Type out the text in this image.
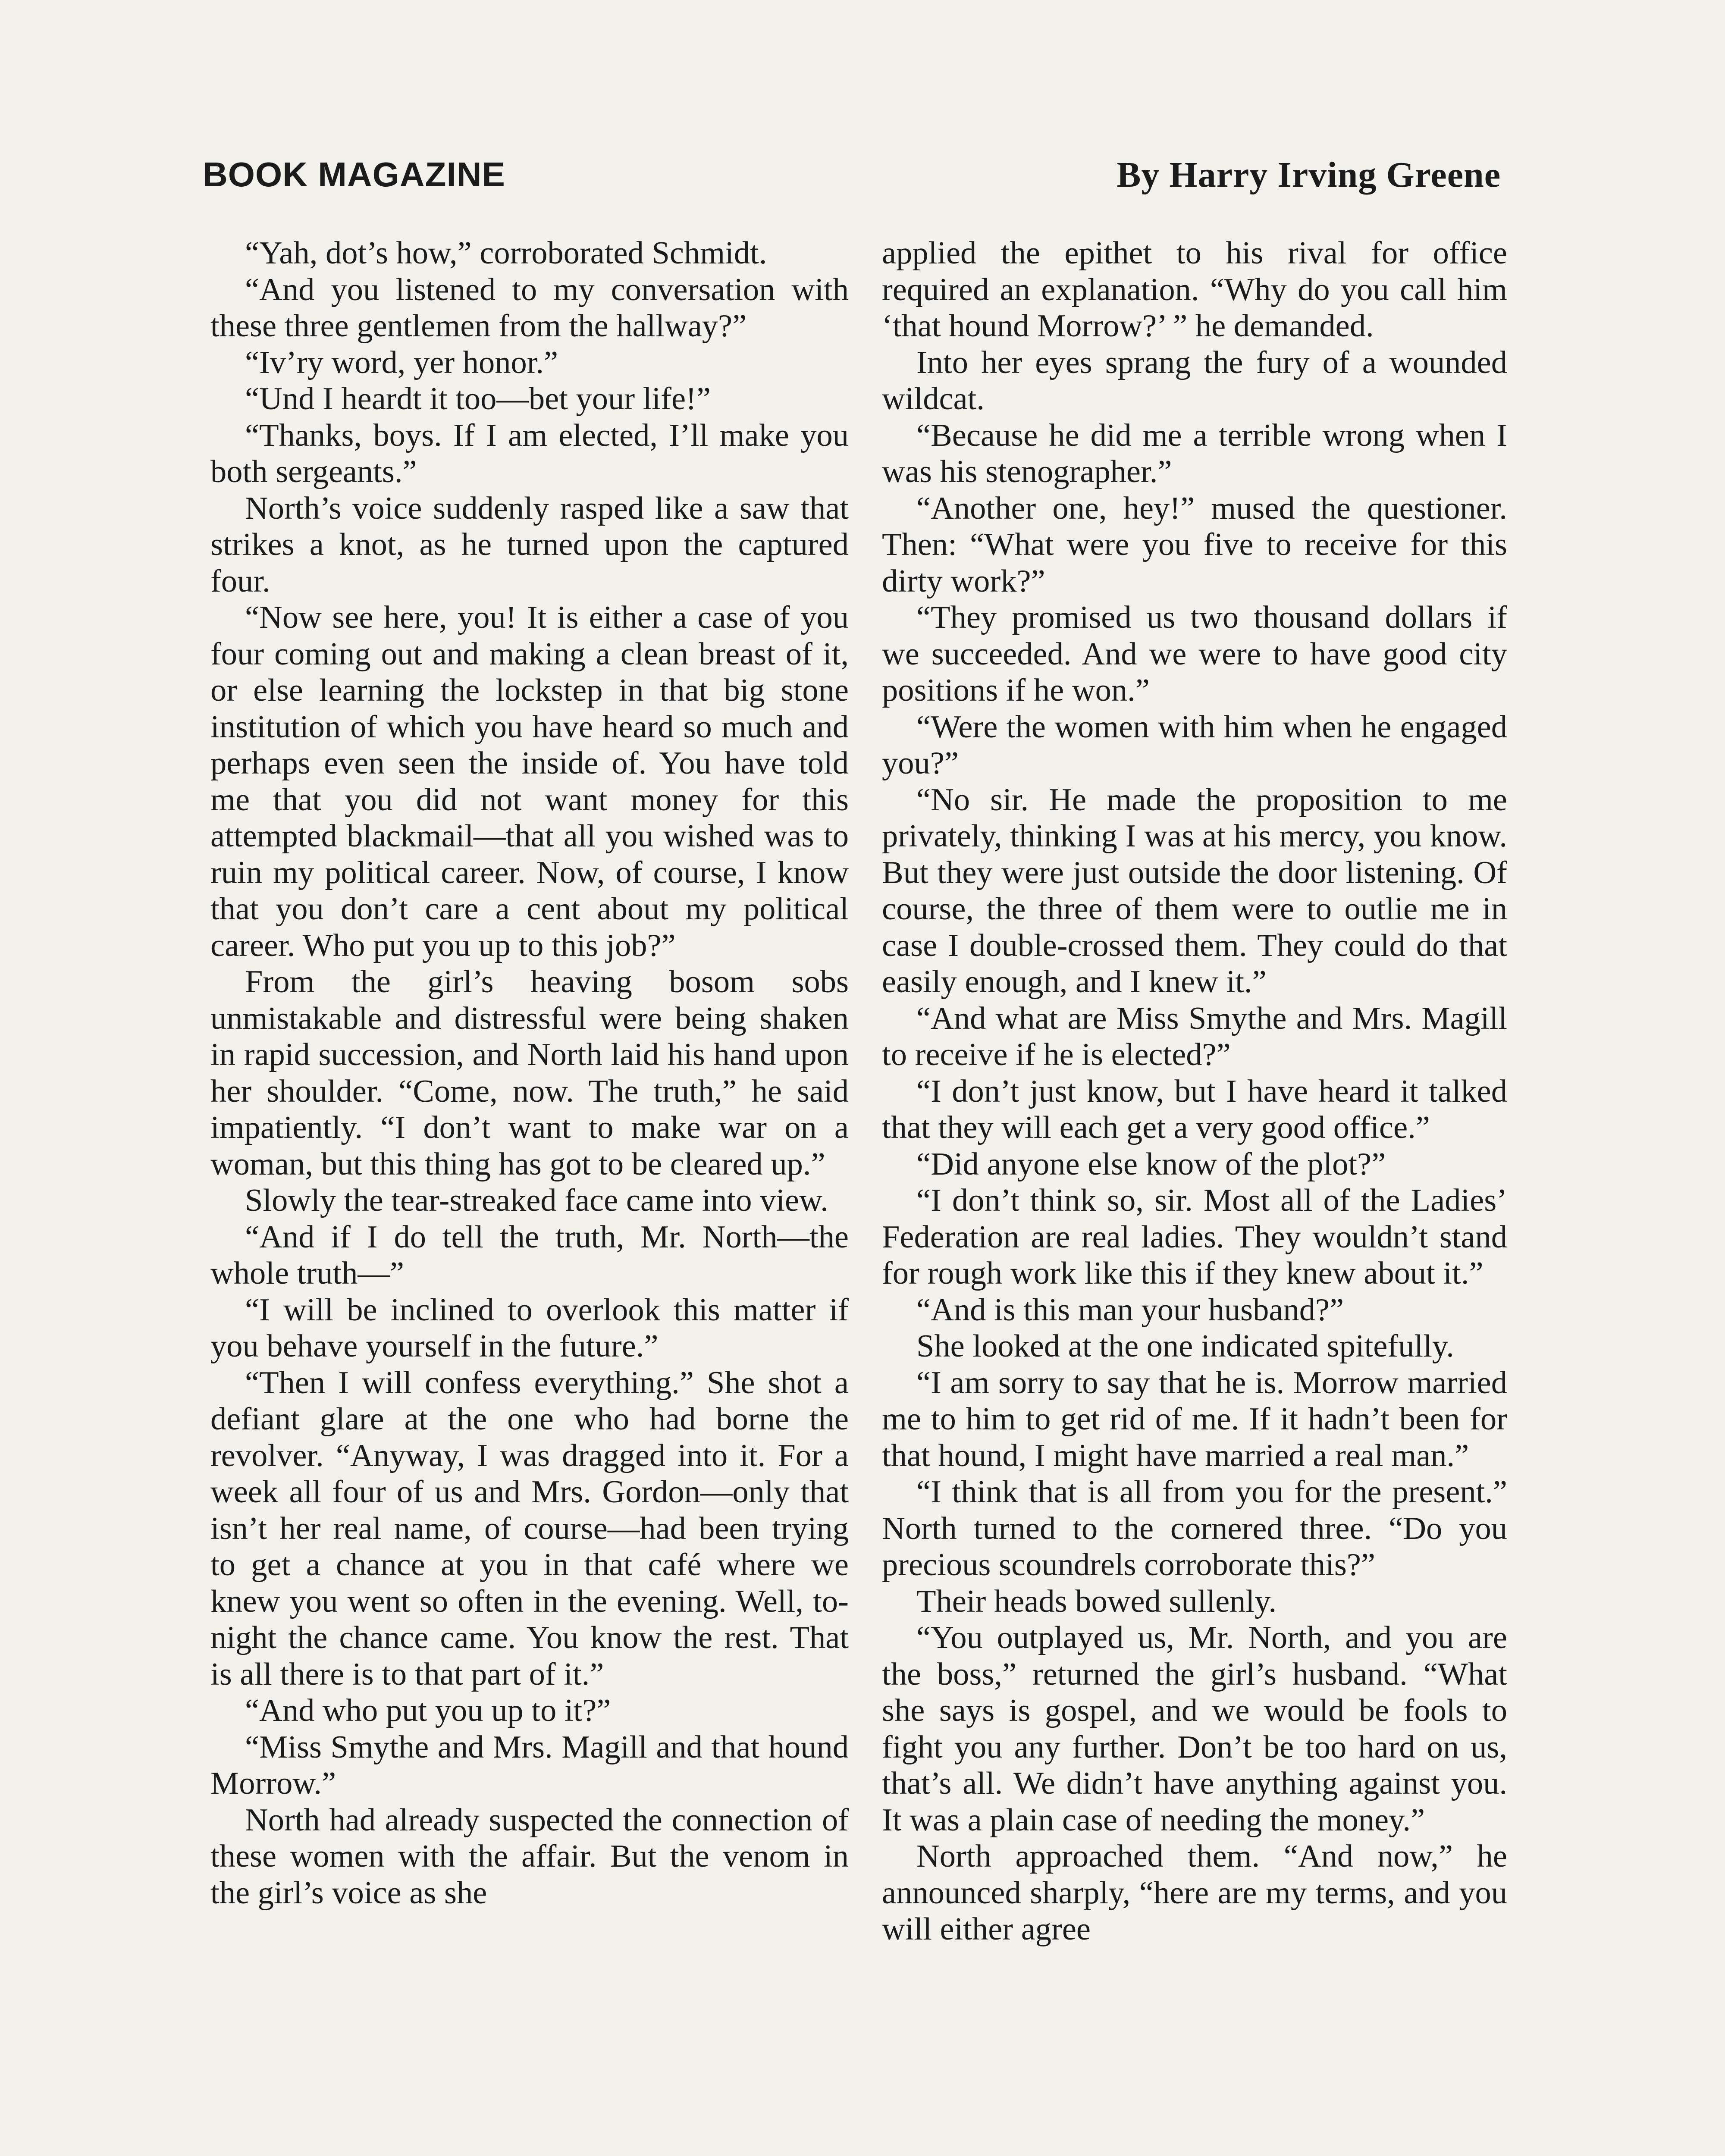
BOOK MAGAZINE	By Harry Irving Greene

“Yah, dot’s how,” corroborated Schmidt.

“And you listened to my conversation with these three gentlemen from the hallway?”

“Iv’ry word, yer honor.”

“Und I heardt it too—bet your life!”

“Thanks, boys. If I am elected, I’ll make you both sergeants.”

North’s voice suddenly rasped like a saw that strikes a knot, as he turned upon the captured four.

“Now see here, you! It is either a case of you four coming out and making a clean breast of it, or else learning the lockstep in that big stone institution of which you have heard so much and perhaps even seen the inside of. You have told me that you did not want money for this attempted blackmail—that all you wished was to ruin my political career. Now, of course, I know that you don’t care a cent about my political career. Who put you up to this job?”

From the girl’s heaving bosom sobs unmistakable and distressful were being shaken in rapid succession, and North laid his hand upon her shoulder. “Come, now. The truth,” he said impatiently. “I don’t want to make war on a woman, but this thing has got to be cleared up.”

Slowly the tear-streaked face came into view.

“And if I do tell the truth, Mr. North—the whole truth—”

“I will be inclined to overlook this matter if you behave yourself in the future.”

“Then I will confess everything.” She shot a defiant glare at the one who had borne the revolver. “Anyway, I was dragged into it. For a week all four of us and Mrs. Gordon—only that isn’t her real name, of course—had been trying to get a chance at you in that café where we knew you went so often in the evening. Well, to-night the chance came. You know the rest. That is all there is to that part of it.”

“And who put you up to it?”

“Miss Smythe and Mrs. Magill and that hound Morrow.”

North had already suspected the connection of these women with the affair. But the venom in the girl’s voice as she

applied the epithet to his rival for office required an explanation. “Why do you call him ‘that hound Morrow?’ ” he demanded.

Into her eyes sprang the fury of a wounded wildcat.

“Because he did me a terrible wrong when I was his stenographer.”

“Another one, hey!” mused the questioner. Then: “What were you five to receive for this dirty work?”

“They promised us two thousand dollars if we succeeded. And we were to have good city positions if he won.”

“Were the women with him when he engaged you?”

“No sir. He made the proposition to me privately, thinking I was at his mercy, you know. But they were just outside the door listening. Of course, the three of them were to outlie me in case I double-crossed them. They could do that easily enough, and I knew it.”

“And what are Miss Smythe and Mrs. Magill to receive if he is elected?”

“I don’t just know, but I have heard it talked that they will each get a very good office.”

“Did anyone else know of the plot?”

“I don’t think so, sir. Most all of the Ladies’ Federation are real ladies. They wouldn’t stand for rough work like this if they knew about it.”

“And is this man your husband?”

She looked at the one indicated spitefully.

“I am sorry to say that he is. Morrow married me to him to get rid of me. If it hadn’t been for that hound, I might have married a real man.”

“I think that is all from you for the present.” North turned to the cornered three. “Do you precious scoundrels corroborate this?”

Their heads bowed sullenly.

“You outplayed us, Mr. North, and you are the boss,” returned the girl’s husband. “What she says is gospel, and we would be fools to fight you any further. Don’t be too hard on us, that’s all. We didn’t have anything against you. It was a plain case of needing the money.”

North approached them. “And now,” he announced sharply, “here are my terms, and you will either agree
